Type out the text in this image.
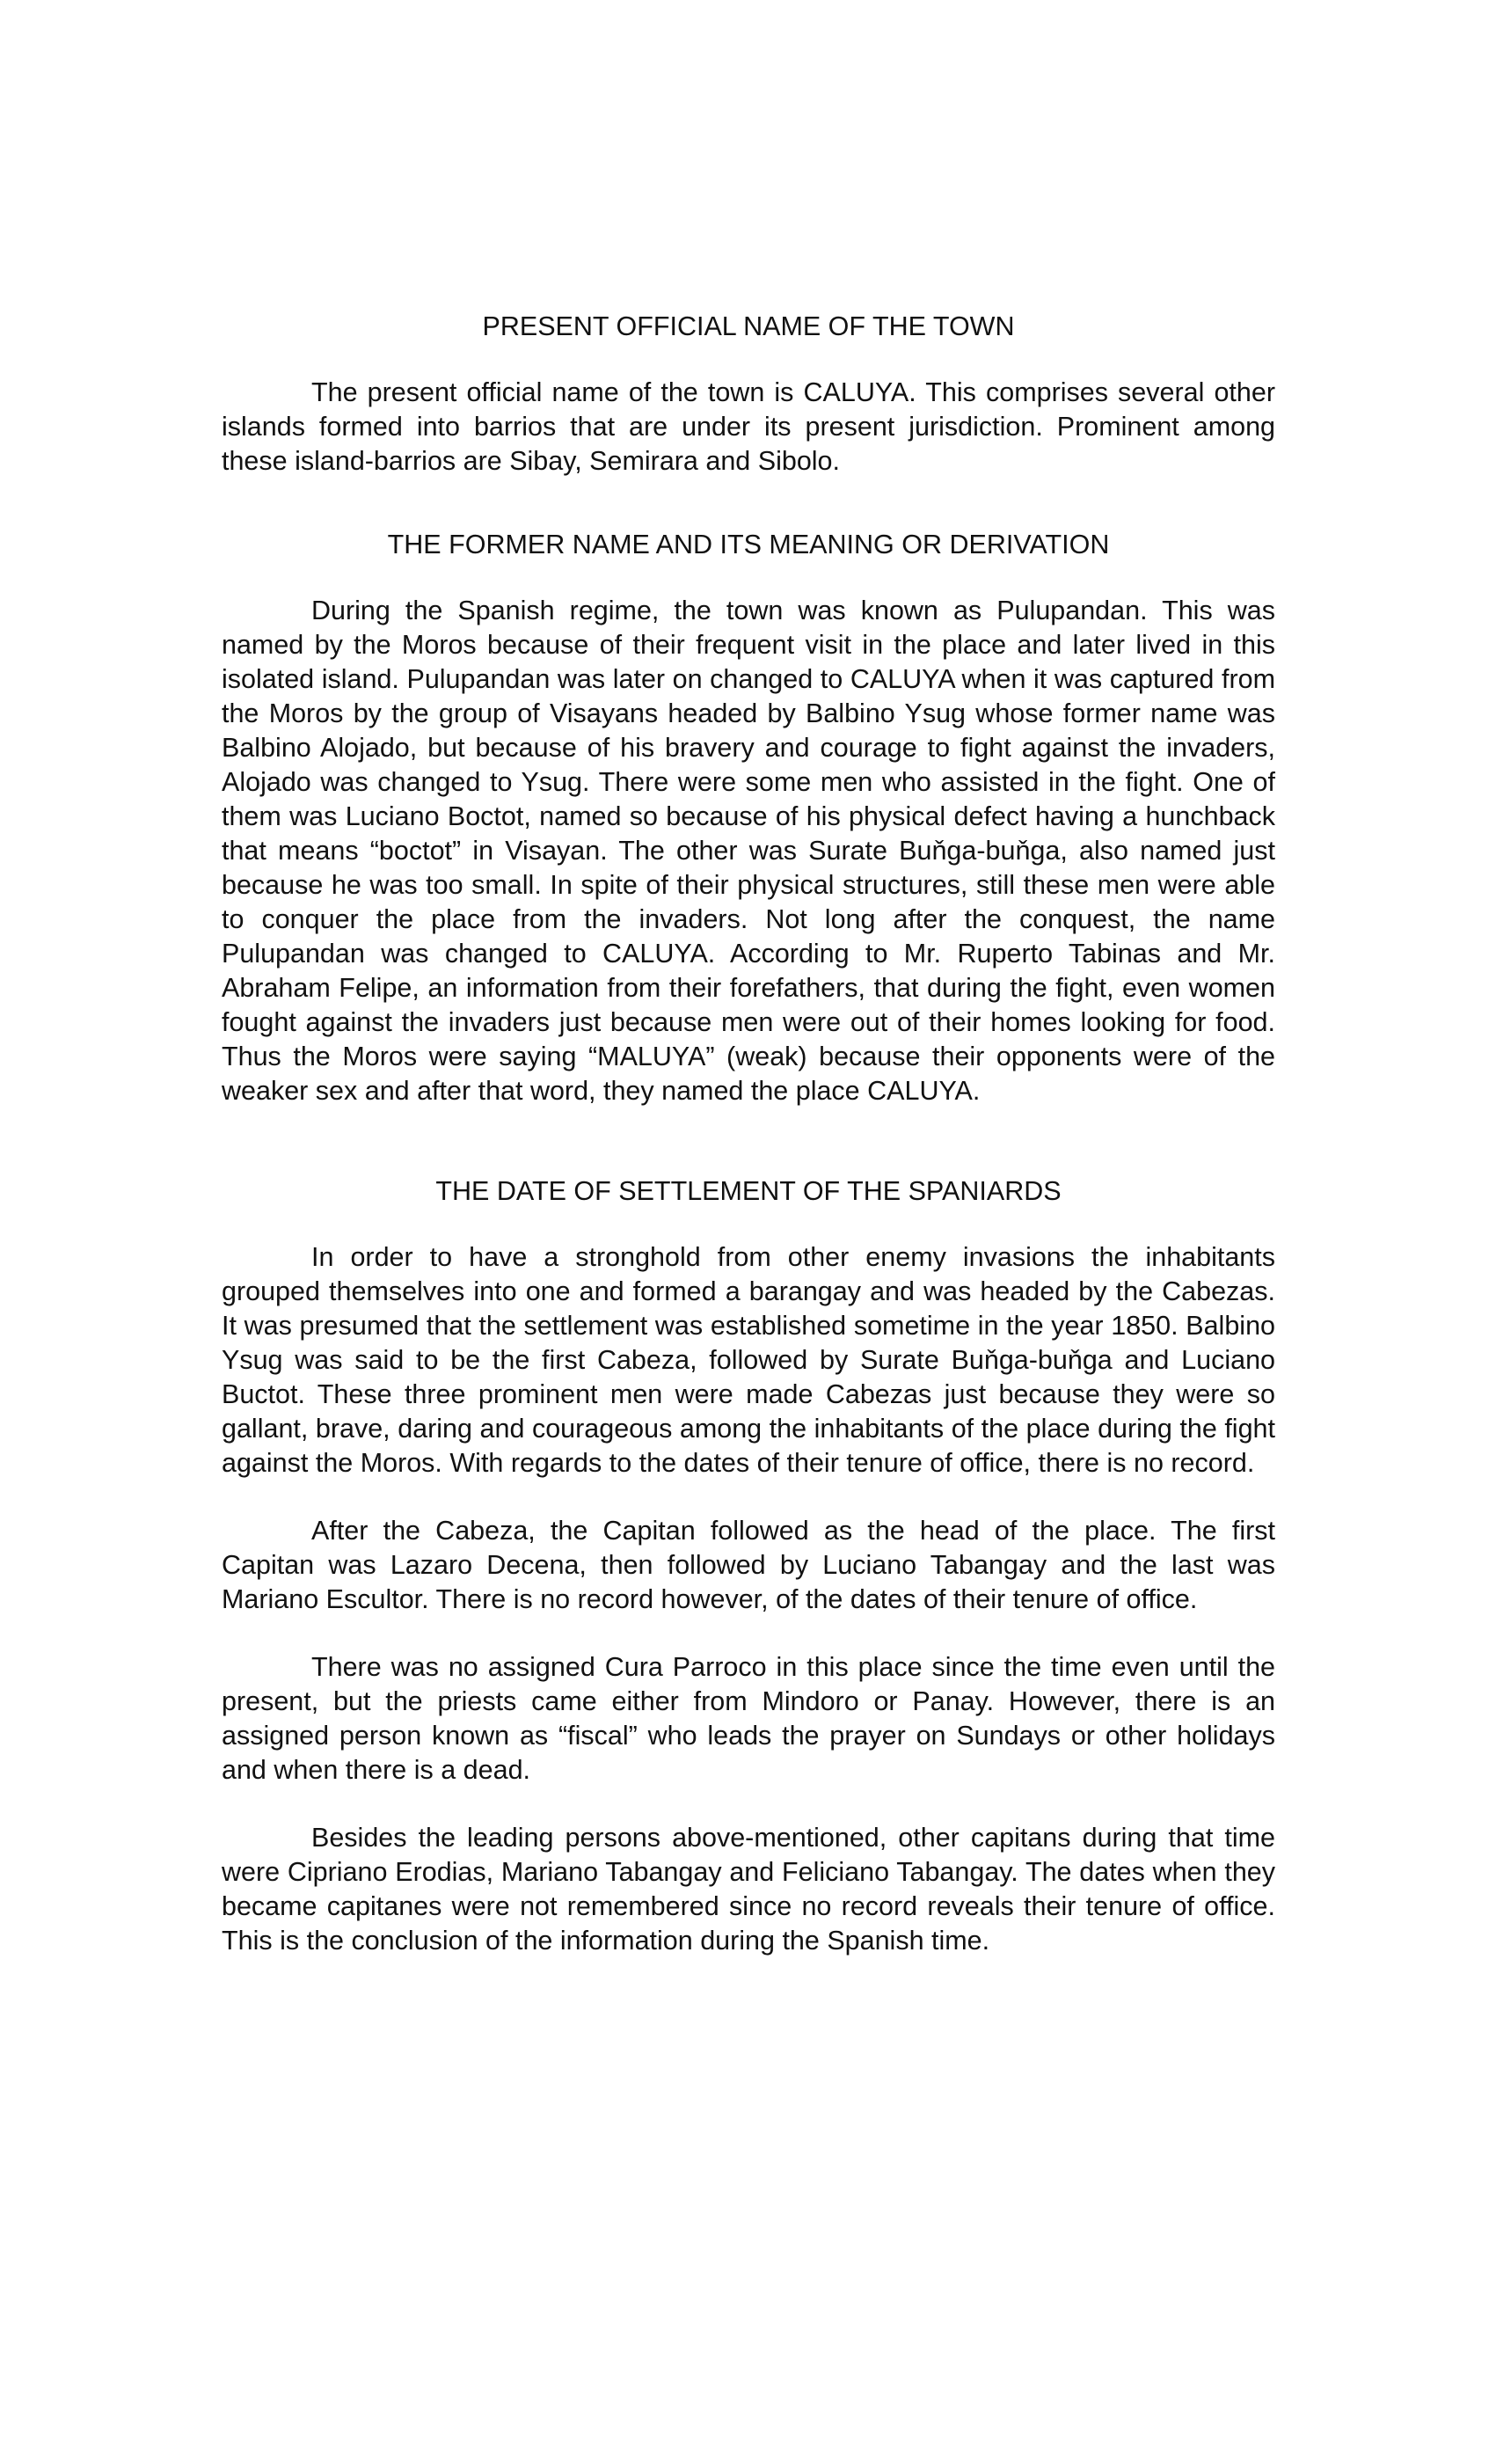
PRESENT OFFICIAL NAME OF THE TOWN

The present official name of the town is CALUYA. This comprises several other islands formed into barrios that are under its present jurisdiction. Prominent among these island-barrios are Sibay, Semirara and Sibolo.

THE FORMER NAME AND ITS MEANING OR DERIVATION

During the Spanish regime, the town was known as Pulupandan. This was named by the Moros because of their frequent visit in the place and later lived in this isolated island. Pulupandan was later on changed to CALUYA when it was captured from the Moros by the group of Visayans headed by Balbino Ysug whose former name was Balbino Alojado, but because of his bravery and courage to fight against the invaders, Alojado was changed to Ysug. There were some men who assisted in the fight. One of them was Luciano Boctot, named so because of his physical defect having a hunchback that means “boctot” in Visayan. The other was Surate Buňga-buňga, also named just because he was too small. In spite of their physical structures, still these men were able to conquer the place from the invaders. Not long after the conquest, the name Pulupandan was changed to CALUYA. According to Mr. Ruperto Tabinas and Mr. Abraham Felipe, an information from their forefathers, that during the fight, even women fought against the invaders just because men were out of their homes looking for food. Thus the Moros were saying “MALUYA” (weak) because their opponents were of the weaker sex and after that word, they named the place CALUYA.

THE DATE OF SETTLEMENT OF THE SPANIARDS

In order to have a stronghold from other enemy invasions the inhabitants grouped themselves into one and formed a barangay and was headed by the Cabezas. It was presumed that the settlement was established sometime in the year 1850. Balbino Ysug was said to be the first Cabeza, followed by Surate Buňga-buňga and Luciano Buctot. These three prominent men were made Cabezas just because they were so gallant, brave, daring and courageous among the inhabitants of the place during the fight against the Moros. With regards to the dates of their tenure of office, there is no record.

After the Cabeza, the Capitan followed as the head of the place. The first Capitan was Lazaro Decena, then followed by Luciano Tabangay and the last was Mariano Escultor. There is no record however, of the dates of their tenure of office.

There was no assigned Cura Parroco in this place since the time even until the present, but the priests came either from Mindoro or Panay. However, there is an assigned person known as “fiscal” who leads the prayer on Sundays or other holidays and when there is a dead.

Besides the leading persons above-mentioned, other capitans during that time were Cipriano Erodias, Mariano Tabangay and Feliciano Tabangay. The dates when they became capitanes were not remembered since no record reveals their tenure of office. This is the conclusion of the information during the Spanish time.
